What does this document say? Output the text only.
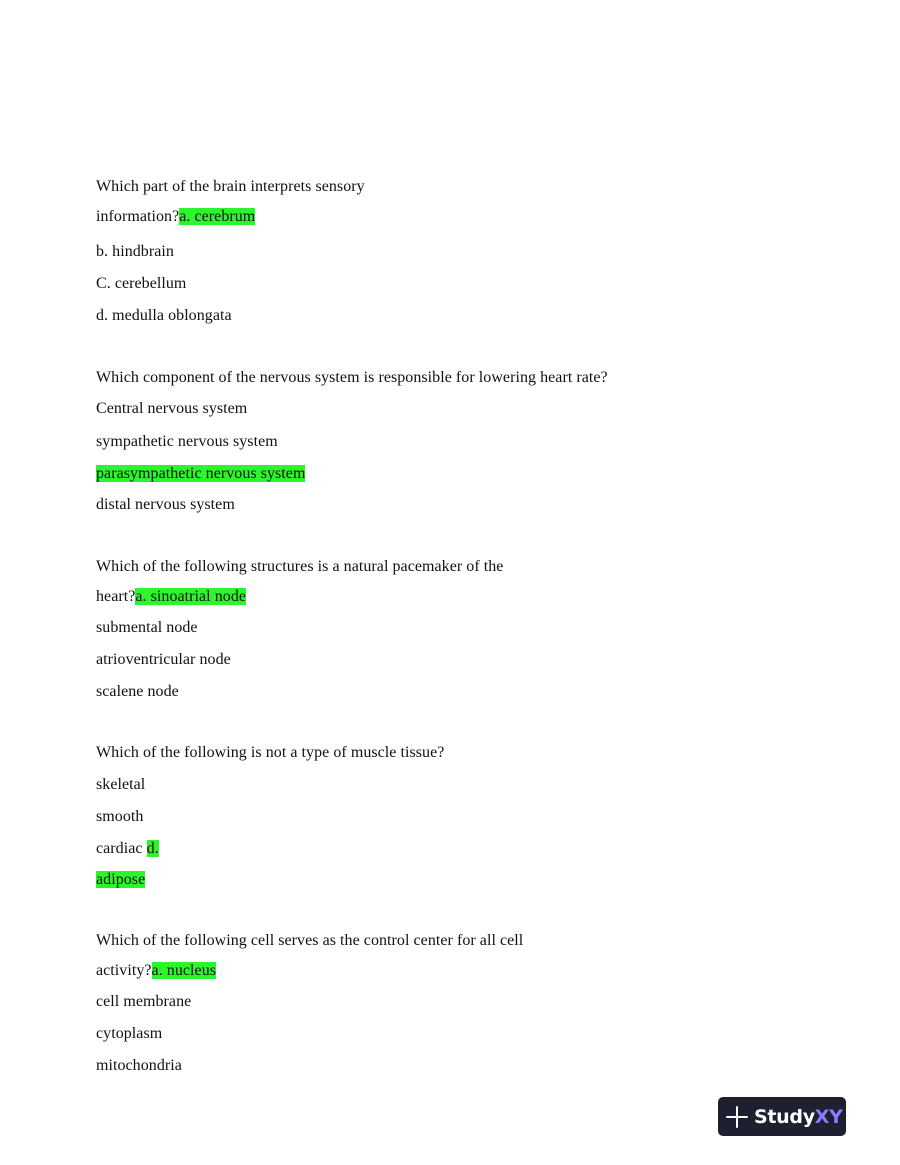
Which part of the brain interprets sensory
information?a. cerebrum
b. hindbrain
C. cerebellum
d. medulla oblongata
Which component of the nervous system is responsible for lowering heart rate?
Central nervous system
sympathetic nervous system
parasympathetic nervous system
distal nervous system
Which of the following structures is a natural pacemaker of the
heart?a. sinoatrial node
submental node
atrioventricular node
scalene node
Which of the following is not a type of muscle tissue?
skeletal
smooth
cardiac d.
adipose
Which of the following cell serves as the control center for all cell
activity?a. nucleus
cell membrane
cytoplasm
mitochondria
StudyXY
